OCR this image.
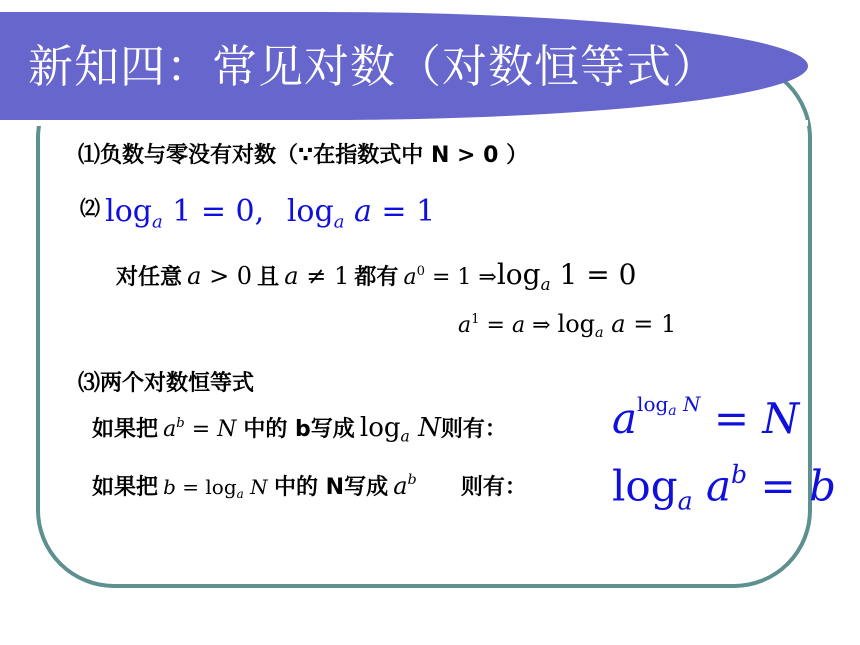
新知四：常见对数（对数恒等式）
⑴负数与零没有对数（∵在指数式中 N > 0 ）
⑵ $\log_a 1 = 0$, $\log_a a = 1$
对任意 a > 0 且 a ≠ 1 都有 $a^0 = 1$ $\Rightarrow\log_a$ 1 = 0
$a^1 = a$ ⇒ $\log_a a = 1$
⑶两个对数恒等式
如果把 $a^b = N$ 中的 b写成 $\log_a N$则有：	$a^{log_a N} = N$
如果把 $b = \log_a N$ 中的 N写成 $a^b$ 则有： $\log_a a^b = b$
